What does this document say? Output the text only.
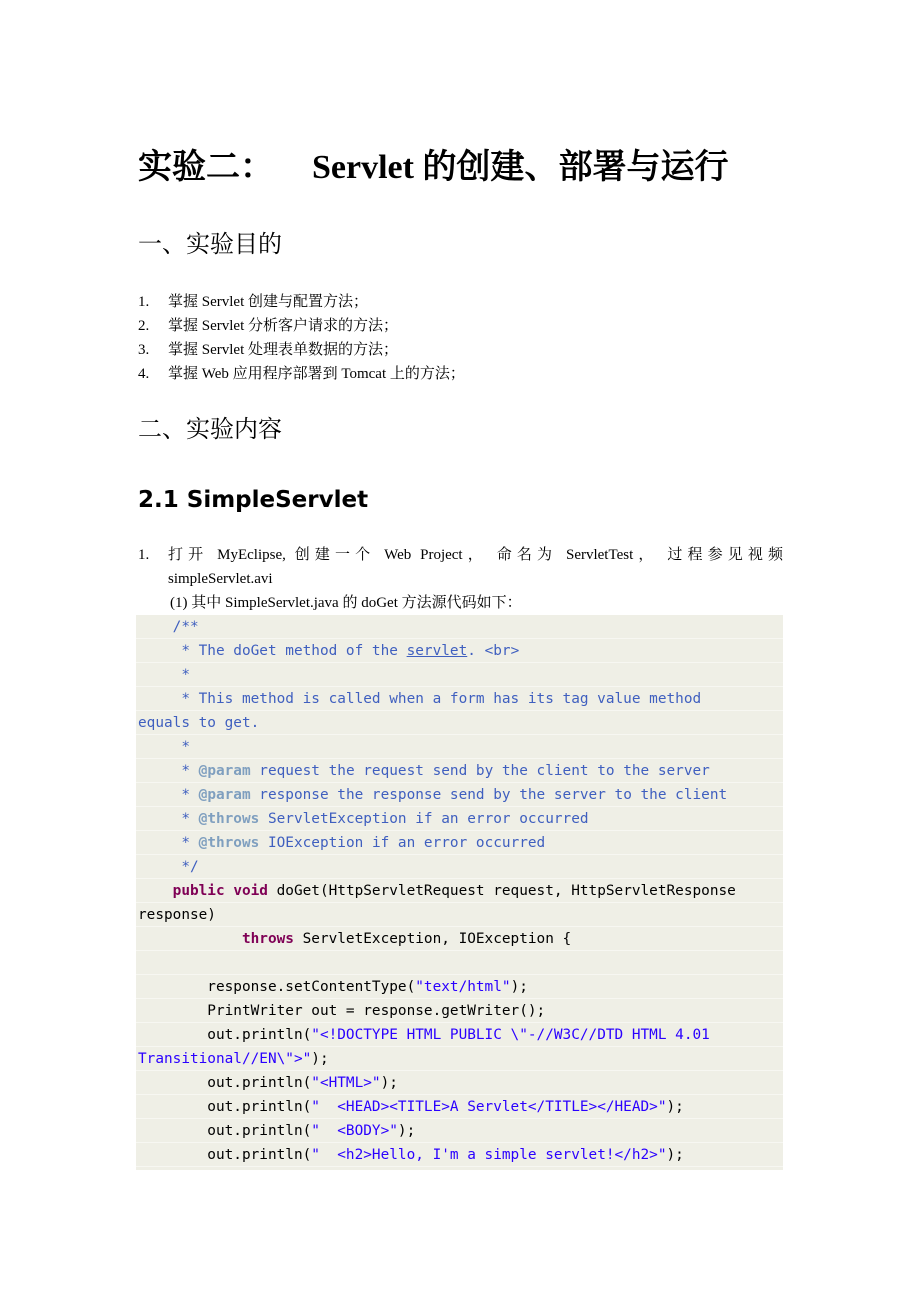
实验二： Servlet 的创建、部署与运行
一、实验目的
1. 掌握 Servlet 创建与配置方法；
2. 掌握 Servlet 分析客户请求的方法；
3. 掌握 Servlet 处理表单数据的方法；
4. 掌握 Web 应用程序部署到 Tomcat 上的方法；
二、实验内容
2.1 SimpleServlet
1.	打开 MyEclipse, 创建一个 Web Project， 命名为 ServletTest， 过程参见视频
simpleServlet.avi
(1) 其中 SimpleServlet.java 的 doGet 方法源代码如下：
/**
* The doGet method of the servlet. <br>
*
* This method is called when a form has its tag value method
equals to get.
*
* @param request the request send by the client to the server
* @param response the response send by the server to the client
* @throws ServletException if an error occurred
* @throws IOException if an error occurred
*/
public void doGet(HttpServletRequest request, HttpServletResponse
response)
throws ServletException, IOException {
response.setContentType("text/html");
PrintWriter out = response.getWriter();
out.println("<!DOCTYPE HTML PUBLIC \"-//W3C//DTD HTML 4.01
Transitional//EN\">");
out.println("<HTML>");
out.println("  <HEAD><TITLE>A Servlet</TITLE></HEAD>");
out.println("  <BODY>");
out.println("  <h2>Hello, I'm a simple servlet!</h2>");
